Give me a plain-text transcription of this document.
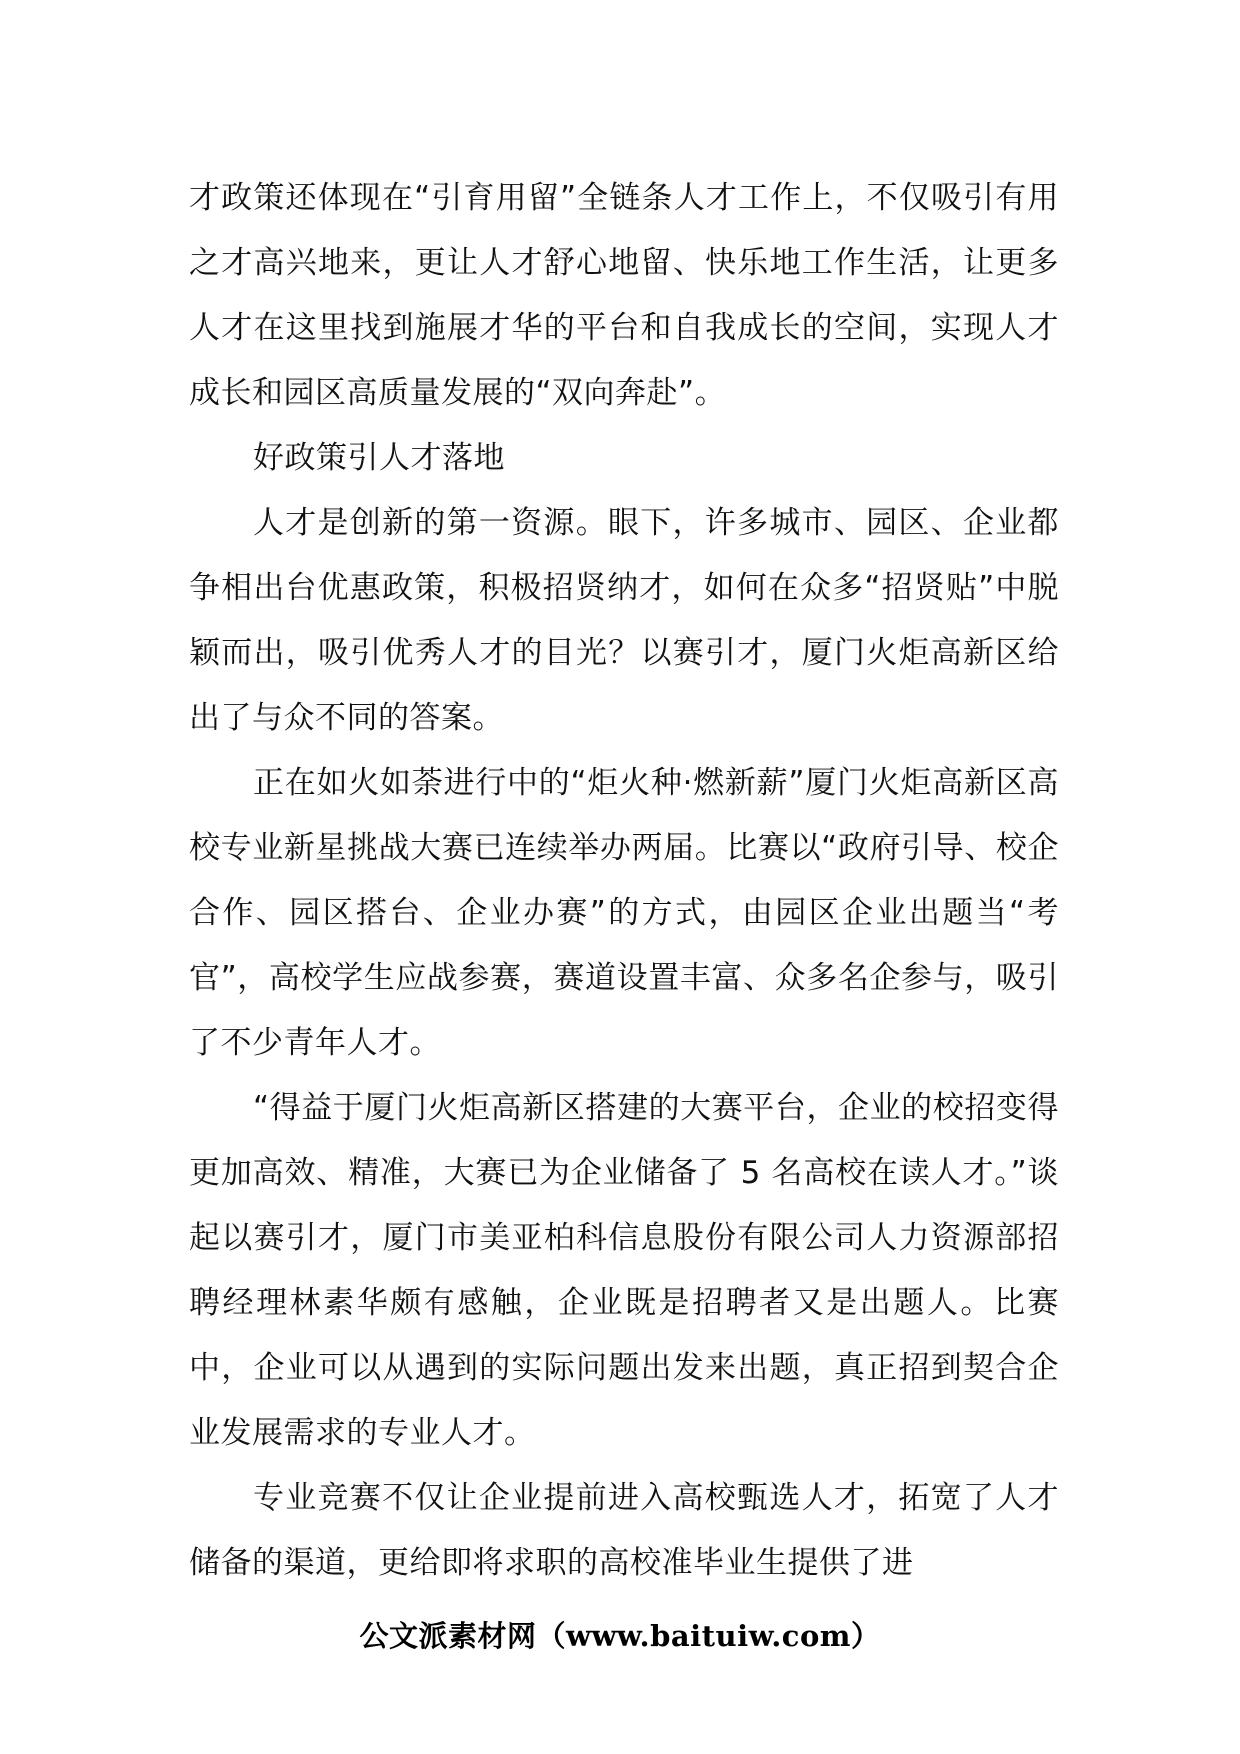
才政策还体现在“引育用留”全链条人才工作上，不仅吸引有用之才高兴地来，更让人才舒心地留、快乐地工作生活，让更多人才在这里找到施展才华的平台和自我成长的空间，实现人才成长和园区高质量发展的“双向奔赴”。

好政策引人才落地

人才是创新的第一资源。眼下，许多城市、园区、企业都争相出台优惠政策，积极招贤纳才，如何在众多“招贤贴”中脱颖而出，吸引优秀人才的目光？以赛引才，厦门火炬高新区给出了与众不同的答案。

正在如火如荼进行中的“炬火种·燃新薪”厦门火炬高新区高校专业新星挑战大赛已连续举办两届。比赛以“政府引导、校企合作、园区搭台、企业办赛”的方式，由园区企业出题当“考官”，高校学生应战参赛，赛道设置丰富、众多名企参与，吸引了不少青年人才。

“得益于厦门火炬高新区搭建的大赛平台，企业的校招变得更加高效、精准，大赛已为企业储备了 5 名高校在读人才。”谈起以赛引才，厦门市美亚柏科信息股份有限公司人力资源部招聘经理林素华颇有感触，企业既是招聘者又是出题人。比赛中，企业可以从遇到的实际问题出发来出题，真正招到契合企业发展需求的专业人才。

专业竞赛不仅让企业提前进入高校甄选人才，拓宽了人才储备的渠道，更给即将求职的高校准毕业生提供了进

公文派素材网（www.baituiw.com）
